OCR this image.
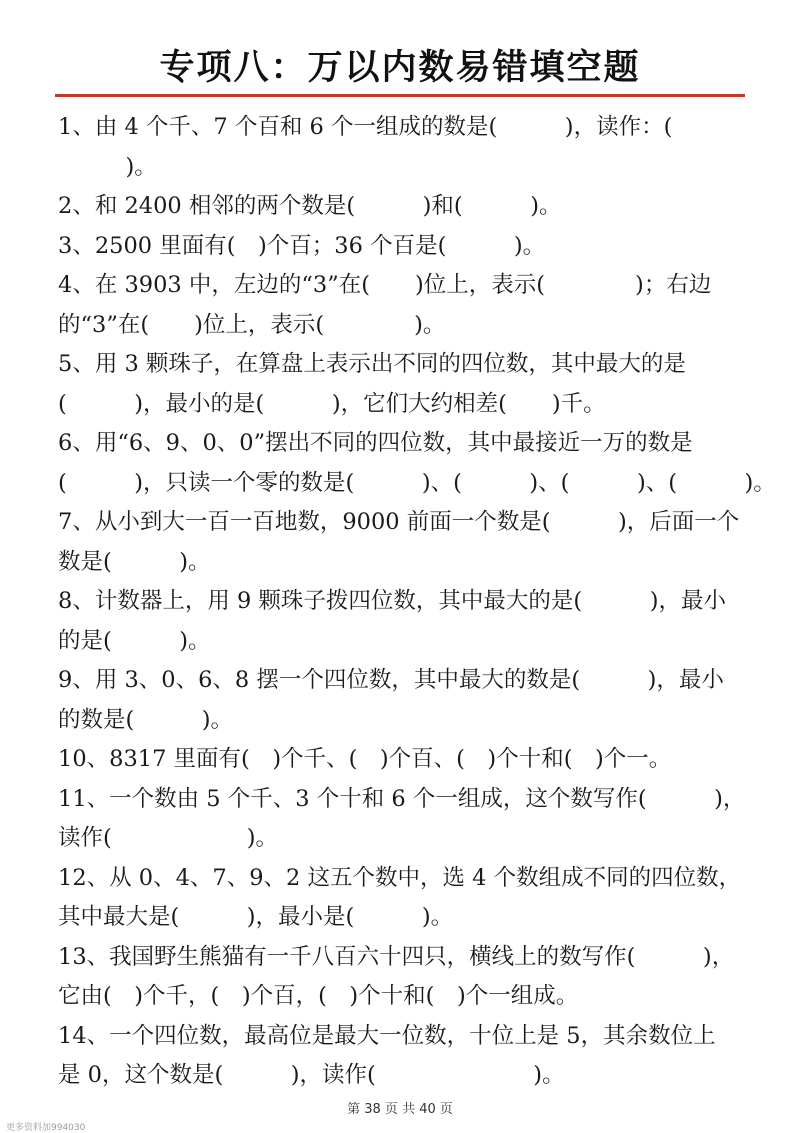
专项八：万以内数易错填空题

1、由 4 个千、7 个百和 6 个一组成的数是(　　　)，读作：(
　　　)。

2、和 2400 相邻的两个数是(　　　)和(　　　)。

3、2500 里面有(　)个百；36 个百是(　　　)。

4、在 3903 中，左边的“3”在(　　)位上，表示(　　　　)；右边
的“3”在(　　)位上，表示(　　　　)。

5、用 3 颗珠子，在算盘上表示出不同的四位数，其中最大的是
(　　　)，最小的是(　　　)，它们大约相差(　　)千。

6、用“6、9、0、0”摆出不同的四位数，其中最接近一万的数是
(　　　)，只读一个零的数是(　　　)、(　　　)、(　　　)、(　　　)。

7、从小到大一百一百地数，9000 前面一个数是(　　　)，后面一个
数是(　　　)。

8、计数器上，用 9 颗珠子拨四位数，其中最大的是(　　　)，最小
的是(　　　)。

9、用 3、0、6、8 摆一个四位数，其中最大的数是(　　　)，最小
的数是(　　　)。

10、8317 里面有(　)个千、(　)个百、(　)个十和(　)个一。

11、一个数由 5 个千、3 个十和 6 个一组成，这个数写作(　　　)，
读作(　　　　　　)。

12、从 0、4、7、9、2 这五个数中，选 4 个数组成不同的四位数，
其中最大是(　　　)，最小是(　　　)。

13、我国野生熊猫有一千八百六十四只，横线上的数写作(　　　)，
它由(　)个千，(　)个百，(　)个十和(　)个一组成。

14、一个四位数，最高位是最大一位数，十位上是 5，其余数位上
是 0，这个数是(　　　)，读作(　　　　　　　)。

第 38 页 共 40 页
更多资料加994030
